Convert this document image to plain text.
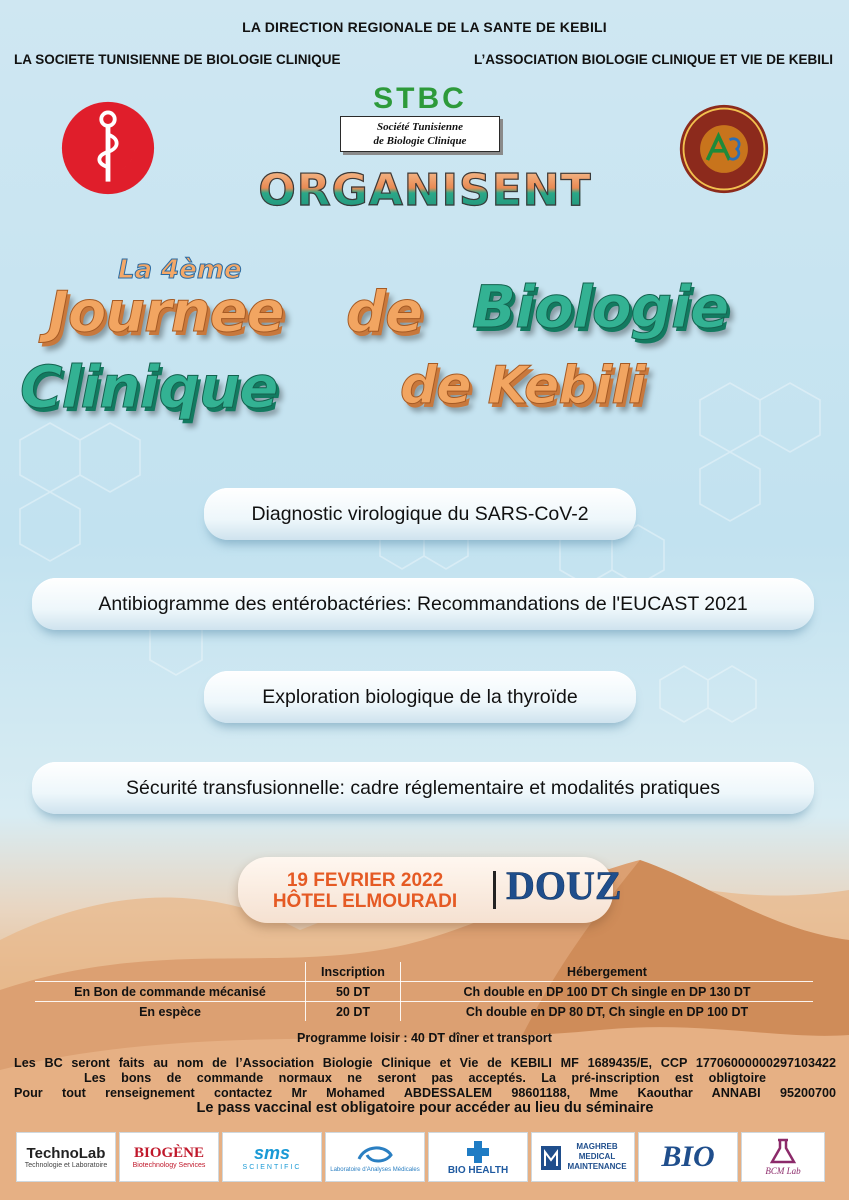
LA DIRECTION REGIONALE DE LA SANTE DE KEBILI
LA SOCIETE TUNISIENNE DE BIOLOGIE CLINIQUE	L’ASSOCIATION BIOLOGIE CLINIQUE ET VIE DE KEBILI
STBC
Société Tunisienne
de Biologie Clinique
ORGANISENT
La 4ème
Journee de Biologie
Clinique de Kebili
Diagnostic virologique du SARS-CoV-2
Antibiogramme des entérobactéries: Recommandations de l'EUCAST 2021
Exploration biologique de la thyroïde
Sécurité transfusionnelle: cadre réglementaire et modalités pratiques
19 FEVRIER 2022
HÔTEL ELMOURADI	DOUZ
	Inscription	Hébergement
En Bon de commande mécanisé	50 DT	Ch double en DP 100 DT Ch single en DP 130 DT
En espèce	20 DT	Ch double en DP 80 DT, Ch single en DP 100 DT
Programme loisir : 40 DT dîner et transport
Les BC seront faits au nom de l’Association Biologie Clinique et Vie de KEBILI MF 1689435/E, CCP 17706000000297103422
Les bons de commande normaux ne seront pas acceptés. La pré-inscription est obligtoire
Pour tout renseignement contactez Mr Mohamed ABDESSALEM 98601188, Mme Kaouthar ANNABI 95200700
Le pass vaccinal est obligatoire pour accéder au lieu du séminaire
TechnoLab
Technologie et Laboratoire
BIOGÈNE
Biotechnology Services
sms
SCIENTIFIC	Laboratoire d'Analyses Médicales	BIO HEALTH
MAGHREB
MEDICAL
MAINTENANCE BIO	BCM Lab
